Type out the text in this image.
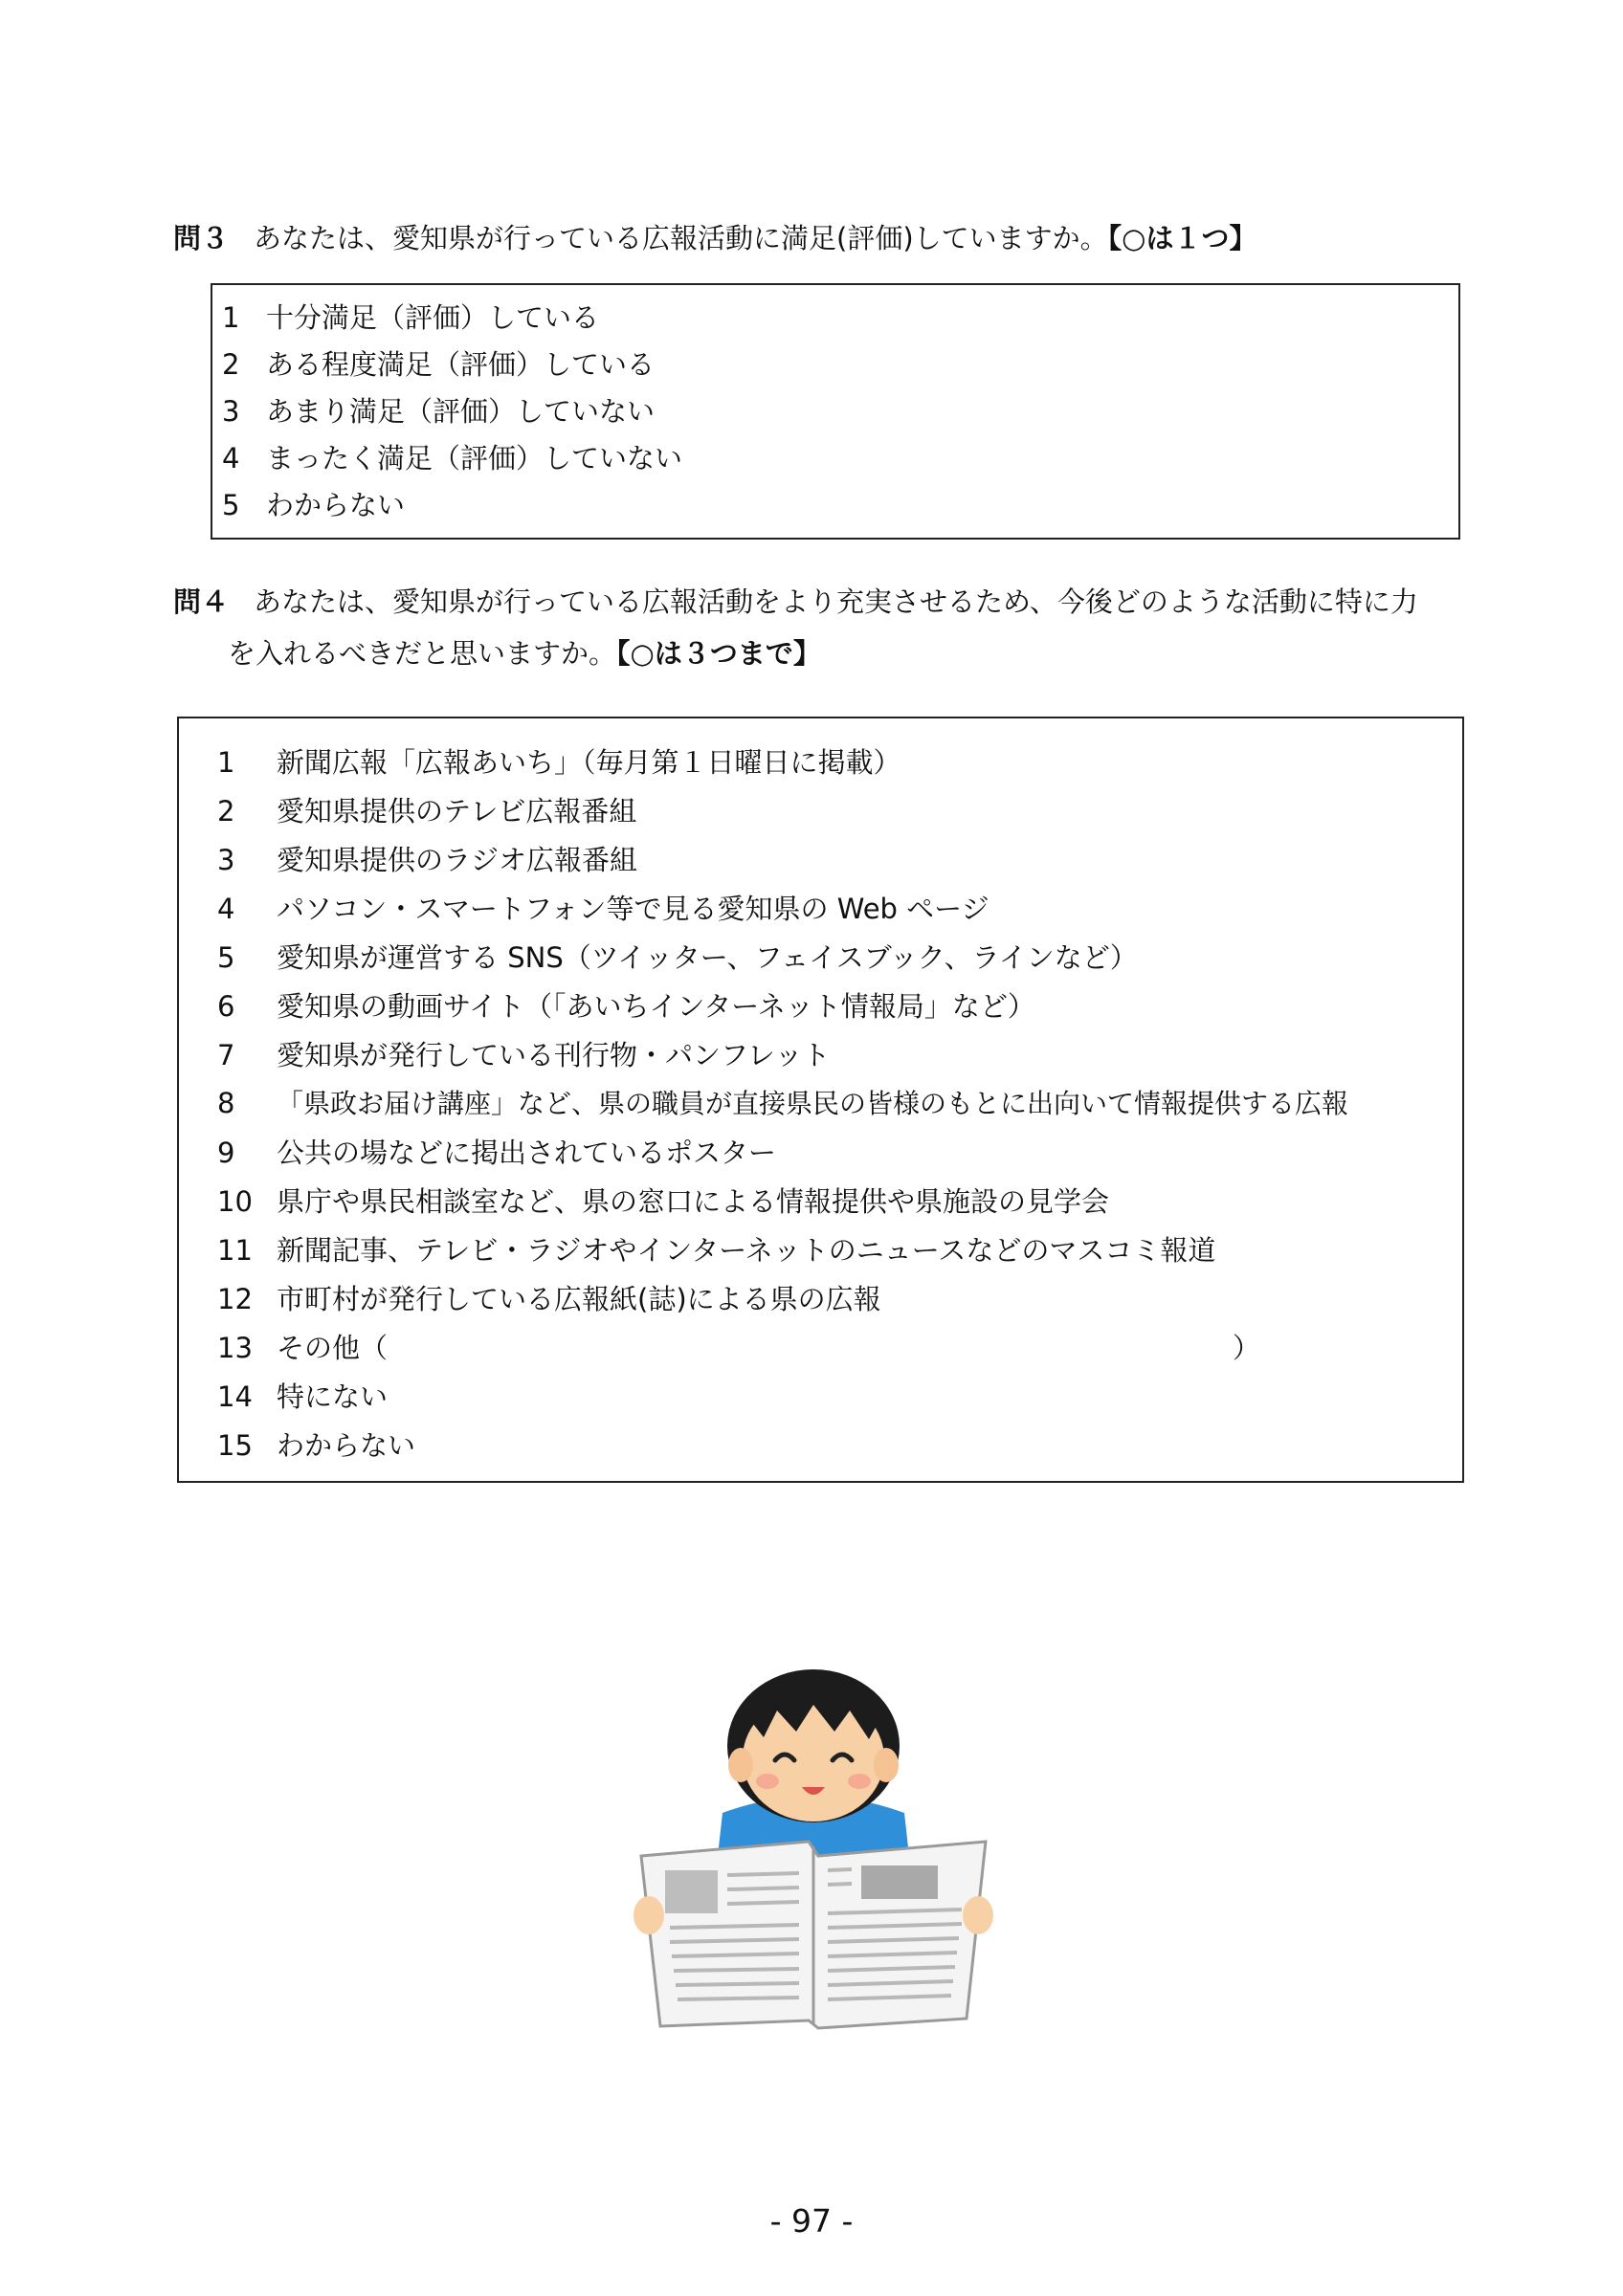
問３ あなたは、愛知県が行っている広報活動に満足(評価)していますか。【○は１つ】
1 十分満足（評価）している
2 ある程度満足（評価）している
3 あまり満足（評価）していない
4 まったく満足（評価）していない
5 わからない
問４ あなたは、愛知県が行っている広報活動をより充実させるため、今後どのような活動に特に力
を入れるべきだと思いますか。【○は３つまで】
1 新聞広報「広報あいち」（毎月第１日曜日に掲載）
2 愛知県提供のテレビ広報番組
3 愛知県提供のラジオ広報番組
4 パソコン・スマートフォン等で見る愛知県の Web ページ
5 愛知県が運営する SNS（ツイッター、フェイスブック、ラインなど）
6 愛知県の動画サイト（「あいちインターネット情報局」など）
7 愛知県が発行している刊行物・パンフレット
8 「県政お届け講座」など、県の職員が直接県民の皆様のもとに出向いて情報提供する広報
9 公共の場などに掲出されているポスター
10 県庁や県民相談室など、県の窓口による情報提供や県施設の見学会
11 新聞記事、テレビ・ラジオやインターネットのニュースなどのマスコミ報道
12 市町村が発行している広報紙(誌)による県の広報
13 その他（	）
14 特にない
15 わからない
- 97 -
